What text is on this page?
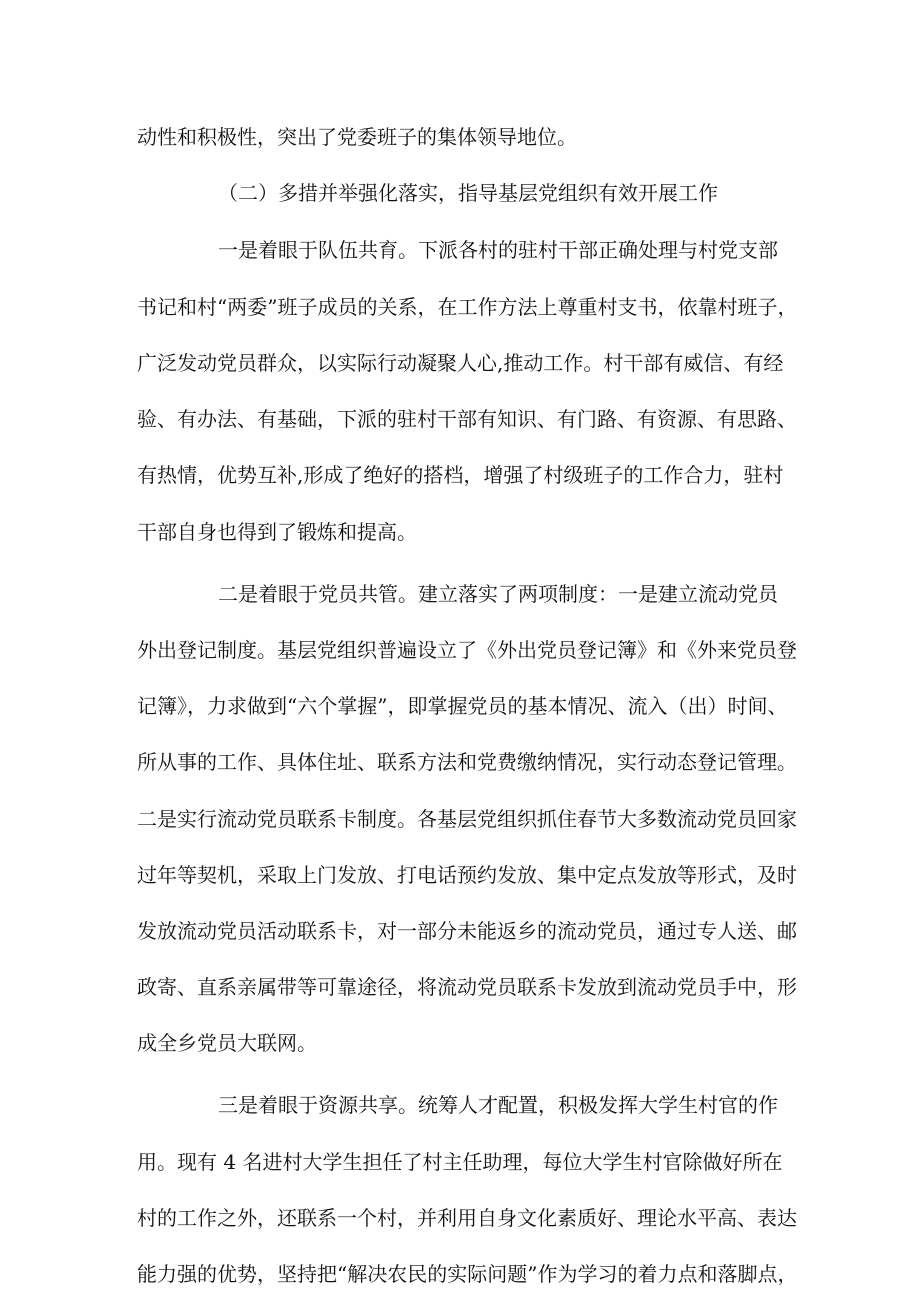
动性和积极性，突出了党委班子的集体领导地位。
（二）多措并举强化落实，指导基层党组织有效开展工作
一是着眼于队伍共育。下派各村的驻村干部正确处理与村党支部
书记和村“两委”班子成员的关系，在工作方法上尊重村支书，依靠村班子，
广泛发动党员群众，以实际行动凝聚人心,推动工作。村干部有威信、有经
验、有办法、有基础，下派的驻村干部有知识、有门路、有资源、有思路、
有热情，优势互补,形成了绝好的搭档，增强了村级班子的工作合力，驻村
干部自身也得到了锻炼和提高。
二是着眼于党员共管。建立落实了两项制度：一是建立流动党员
外出登记制度。基层党组织普遍设立了《外出党员登记簿》和《外来党员登
记簿》，力求做到“六个掌握”，即掌握党员的基本情况、流入（出）时间、
所从事的工作、具体住址、联系方法和党费缴纳情况，实行动态登记管理。
二是实行流动党员联系卡制度。各基层党组织抓住春节大多数流动党员回家
过年等契机，采取上门发放、打电话预约发放、集中定点发放等形式，及时
发放流动党员活动联系卡，对一部分未能返乡的流动党员，通过专人送、邮
政寄、直系亲属带等可靠途径，将流动党员联系卡发放到流动党员手中，形
成全乡党员大联网。
三是着眼于资源共享。统筹人才配置，积极发挥大学生村官的作
用。现有 4 名进村大学生担任了村主任助理，每位大学生村官除做好所在
村的工作之外，还联系一个村，并利用自身文化素质好、理论水平高、表达
能力强的优势，坚持把“解决农民的实际问题”作为学习的着力点和落脚点，
